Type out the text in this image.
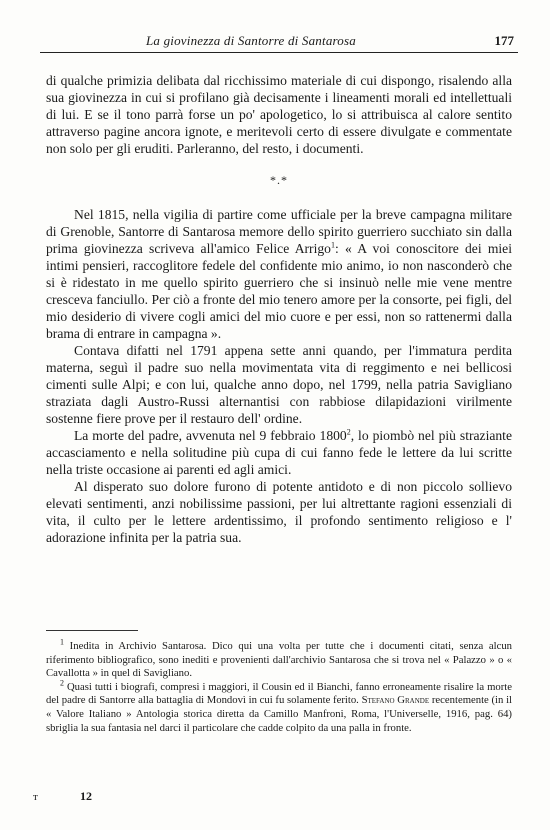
La giovinezza di Santorre di Santarosa	177

di qualche primizia delibata dal ricchissimo materiale di cui dispongo, risalendo alla sua giovinezza in cui si profilano già decisamente i lineamenti morali ed intellettuali di lui. E se il tono parrà forse un po' apologetico, lo si attribuisca al calore sentito attraverso pagine ancora ignote, e meritevoli certo di essere divulgate e commentate non solo per gli eruditi. Parleranno, del resto, i documenti.

*.*

Nel 1815, nella vigilia di partire come ufficiale per la breve campagna militare di Grenoble, Santorre di Santarosa memore dello spirito guerriero succhiato sin dalla prima giovinezza scriveva all'amico Felice Arrigo$^1$: « A voi conoscitore dei miei intimi pensieri, raccoglitore fedele del confidente mio animo, io non nasconderò che si è ridestato in me quello spirito guerriero che si insinuò nelle mie vene mentre cresceva fanciullo. Per ciò a fronte del mio tenero amore per la consorte, pei figli, del mio desiderio di vivere cogli amici del mio cuore e per essi, non so rattenermi dalla brama di entrare in campagna ».

Contava difatti nel 1791 appena sette anni quando, per l'immatura perdita materna, seguì il padre suo nella movimentata vita di reggimento e nei bellicosi cimenti sulle Alpi; e con lui, qualche anno dopo, nel 1799, nella patria Savigliano straziata dagli Austro-Russi alternantisi con rabbiose dilapidazioni virilmente sostenne fiere prove per il restauro dell' ordine.

La morte del padre, avvenuta nel 9 febbraio 1800$^2$, lo piombò nel più straziante accasciamento e nella solitudine più cupa di cui fanno fede le lettere da lui scritte nella triste occasione ai parenti ed agli amici.

Al disperato suo dolore furono di potente antidoto e di non piccolo sollievo elevati sentimenti, anzi nobilissime passioni, per lui altrettante ragioni essenziali di vita, il culto per le lettere ardentissimo, il profondo sentimento religioso e l' adorazione infinita per la patria sua.

$^1$ Inedita in Archivio Santarosa. Dico qui una volta per tutte che i documenti citati, senza alcun riferimento bibliografico, sono inediti e provenienti dall'archivio Santarosa che si trova nel « Palazzo » o « Cavallotta » in quel di Savigliano.

$^2$ Quasi tutti i biografi, compresi i maggiori, il Cousin ed il Bianchi, fanno erroneamente risalire la morte del padre di Santorre alla battaglia di Mondovì in cui fu solamente ferito. Stefano Grande recentemente (in il « Valore Italiano » Antologia storica diretta da Camillo Manfroni, Roma, l'Universelle, 1916, pag. 64) sbriglia la sua fantasia nel darci il particolare che cadde colpito da una palla in fronte.

ᴛ	12
